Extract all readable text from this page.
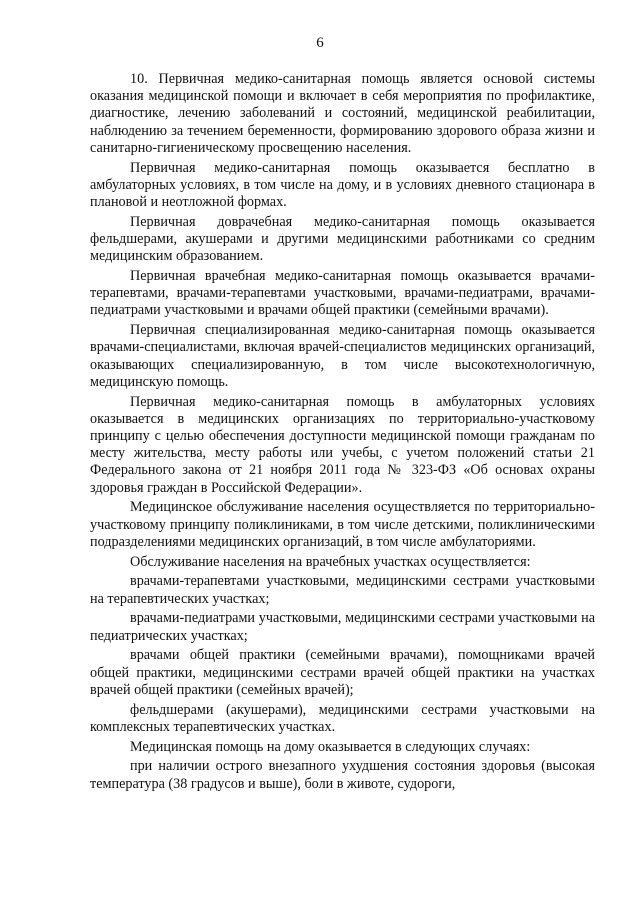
6

10. Первичная медико-санитарная помощь является основой системы оказания медицинской помощи и включает в себя мероприятия по профилактике, диагностике, лечению заболеваний и состояний, медицинской реабилитации, наблюдению за течением беременности, формированию здорового образа жизни и санитарно-гигиеническому просвещению населения.

Первичная медико-санитарная помощь оказывается бесплатно в амбулаторных условиях, в том числе на дому, и в условиях дневного стационара в плановой и неотложной формах.

Первичная доврачебная медико-санитарная помощь оказывается фельдшерами, акушерами и другими медицинскими работниками со средним медицинским образованием.

Первичная врачебная медико-санитарная помощь оказывается врачами-терапевтами, врачами-терапевтами участковыми, врачами-педиатрами, врачами-педиатрами участковыми и врачами общей практики (семейными врачами).

Первичная специализированная медико-санитарная помощь оказывается врачами-специалистами, включая врачей-специалистов медицинских организаций, оказывающих специализированную, в том числе высокотехнологичную, медицинскую помощь.

Первичная медико-санитарная помощь в амбулаторных условиях оказывается в медицинских организациях по территориально-участковому принципу с целью обеспечения доступности медицинской помощи гражданам по месту жительства, месту работы или учебы, с учетом положений статьи 21 Федерального закона от 21 ноября 2011 года № 323-ФЗ «Об основах охраны здоровья граждан в Российской Федерации».

Медицинское обслуживание населения осуществляется по территориально-участковому принципу поликлиниками, в том числе детскими, поликлиническими подразделениями медицинских организаций, в том числе амбулаториями.

Обслуживание населения на врачебных участках осуществляется:

врачами-терапевтами участковыми, медицинскими сестрами участковыми на терапевтических участках;

врачами-педиатрами участковыми, медицинскими сестрами участковыми на педиатрических участках;

врачами общей практики (семейными врачами), помощниками врачей общей практики, медицинскими сестрами врачей общей практики на участках врачей общей практики (семейных врачей);

фельдшерами (акушерами), медицинскими сестрами участковыми на комплексных терапевтических участках.

Медицинская помощь на дому оказывается в следующих случаях:

при наличии острого внезапного ухудшения состояния здоровья (высокая температура (38 градусов и выше), боли в животе, судороги,
